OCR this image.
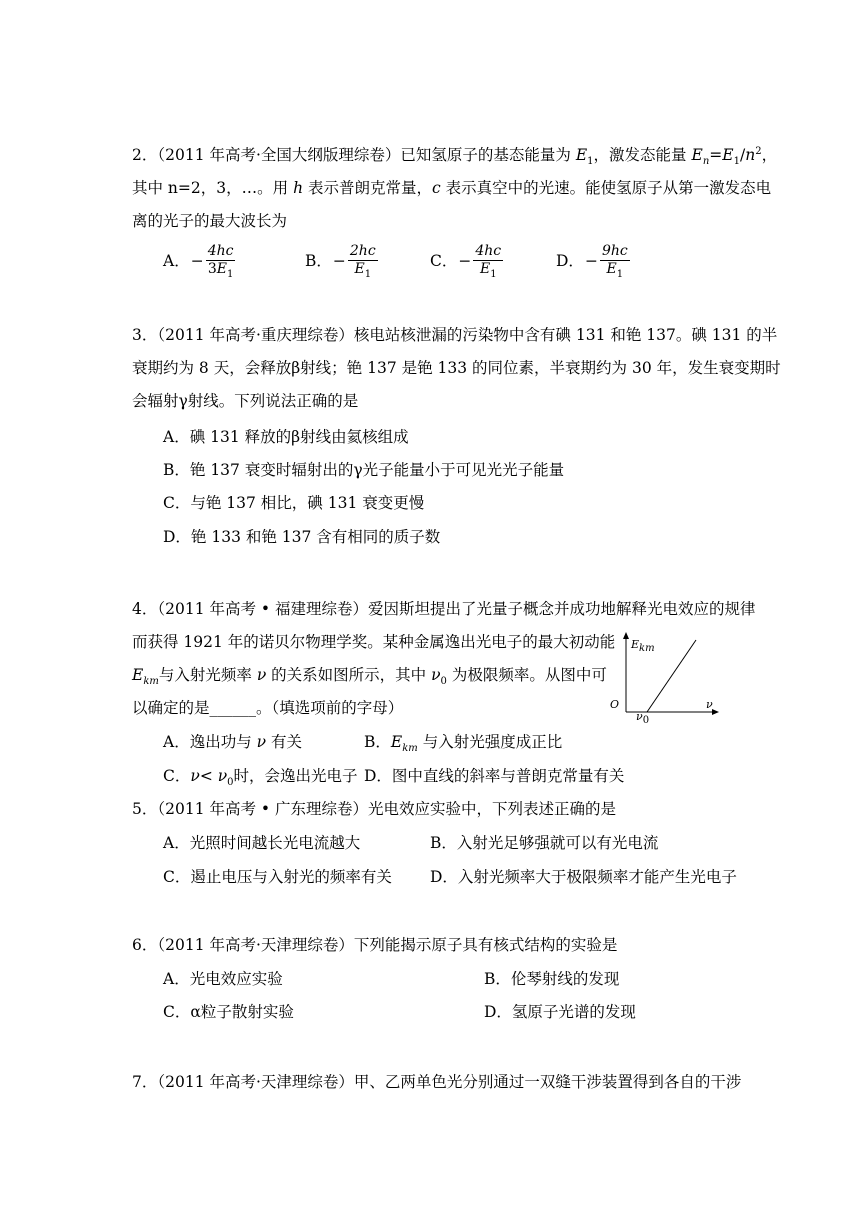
2．（2011 年高考·全国大纲版理综卷）已知氢原子的基态能量为 $E_1$，激发态能量 $E_n=E_1/n^2$，
其中 n=2，3，…。用 h 表示普朗克常量，c 表示真空中的光速。能使氢原子从第一激发态电
离的光子的最大波长为
A．− $\frac{4hc}{3E_1}$	B．− $\frac{2hc}{E_1}$	C．− $\frac{4hc}{E_1}$	D．− $\frac{9hc}{E_1}$
3．（2011 年高考·重庆理综卷）核电站核泄漏的污染物中含有碘 131 和铯 137。碘 131 的半
衰期约为 8 天，会释放β射线；铯 137 是铯 133 的同位素，半衰期约为 30 年，发生衰变期时
会辐射γ射线。下列说法正确的是
A．碘 131 释放的β射线由氦核组成
B．铯 137 衰变时辐射出的γ光子能量小于可见光光子能量
C．与铯 137 相比，碘 131 衰变更慢
D．铯 133 和铯 137 含有相同的质子数
4．（2011 年高考 • 福建理综卷）爱因斯坦提出了光量子概念并成功地解释光电效应的规律
而获得 1921 年的诺贝尔物理学奖。某种金属逸出光电子的最大初动能
$E_{km}$与入射光频率 ν 的关系如图所示，其中 $\nu_0$ 为极限频率。从图中可
以确定的是______。（填选项前的字母）
$E_{km}$
O
$\nu_0$
ν
A．逸出功与 ν 有关	B．$E_{km}$ 与入射光强度成正比
C．$\nu< \nu_0$时，会逸出光电子 D．图中直线的斜率与普朗克常量有关
5．（2011 年高考 • 广东理综卷）光电效应实验中，下列表述正确的是
A．光照时间越长光电流越大	B．入射光足够强就可以有光电流
C．遏止电压与入射光的频率有关 D．入射光频率大于极限频率才能产生光电子
6．（2011 年高考·天津理综卷）下列能揭示原子具有核式结构的实验是
A．光电效应实验	B．伦琴射线的发现
C．α粒子散射实验	D．氢原子光谱的发现
7．（2011 年高考·天津理综卷）甲、乙两单色光分别通过一双缝干涉装置得到各自的干涉
